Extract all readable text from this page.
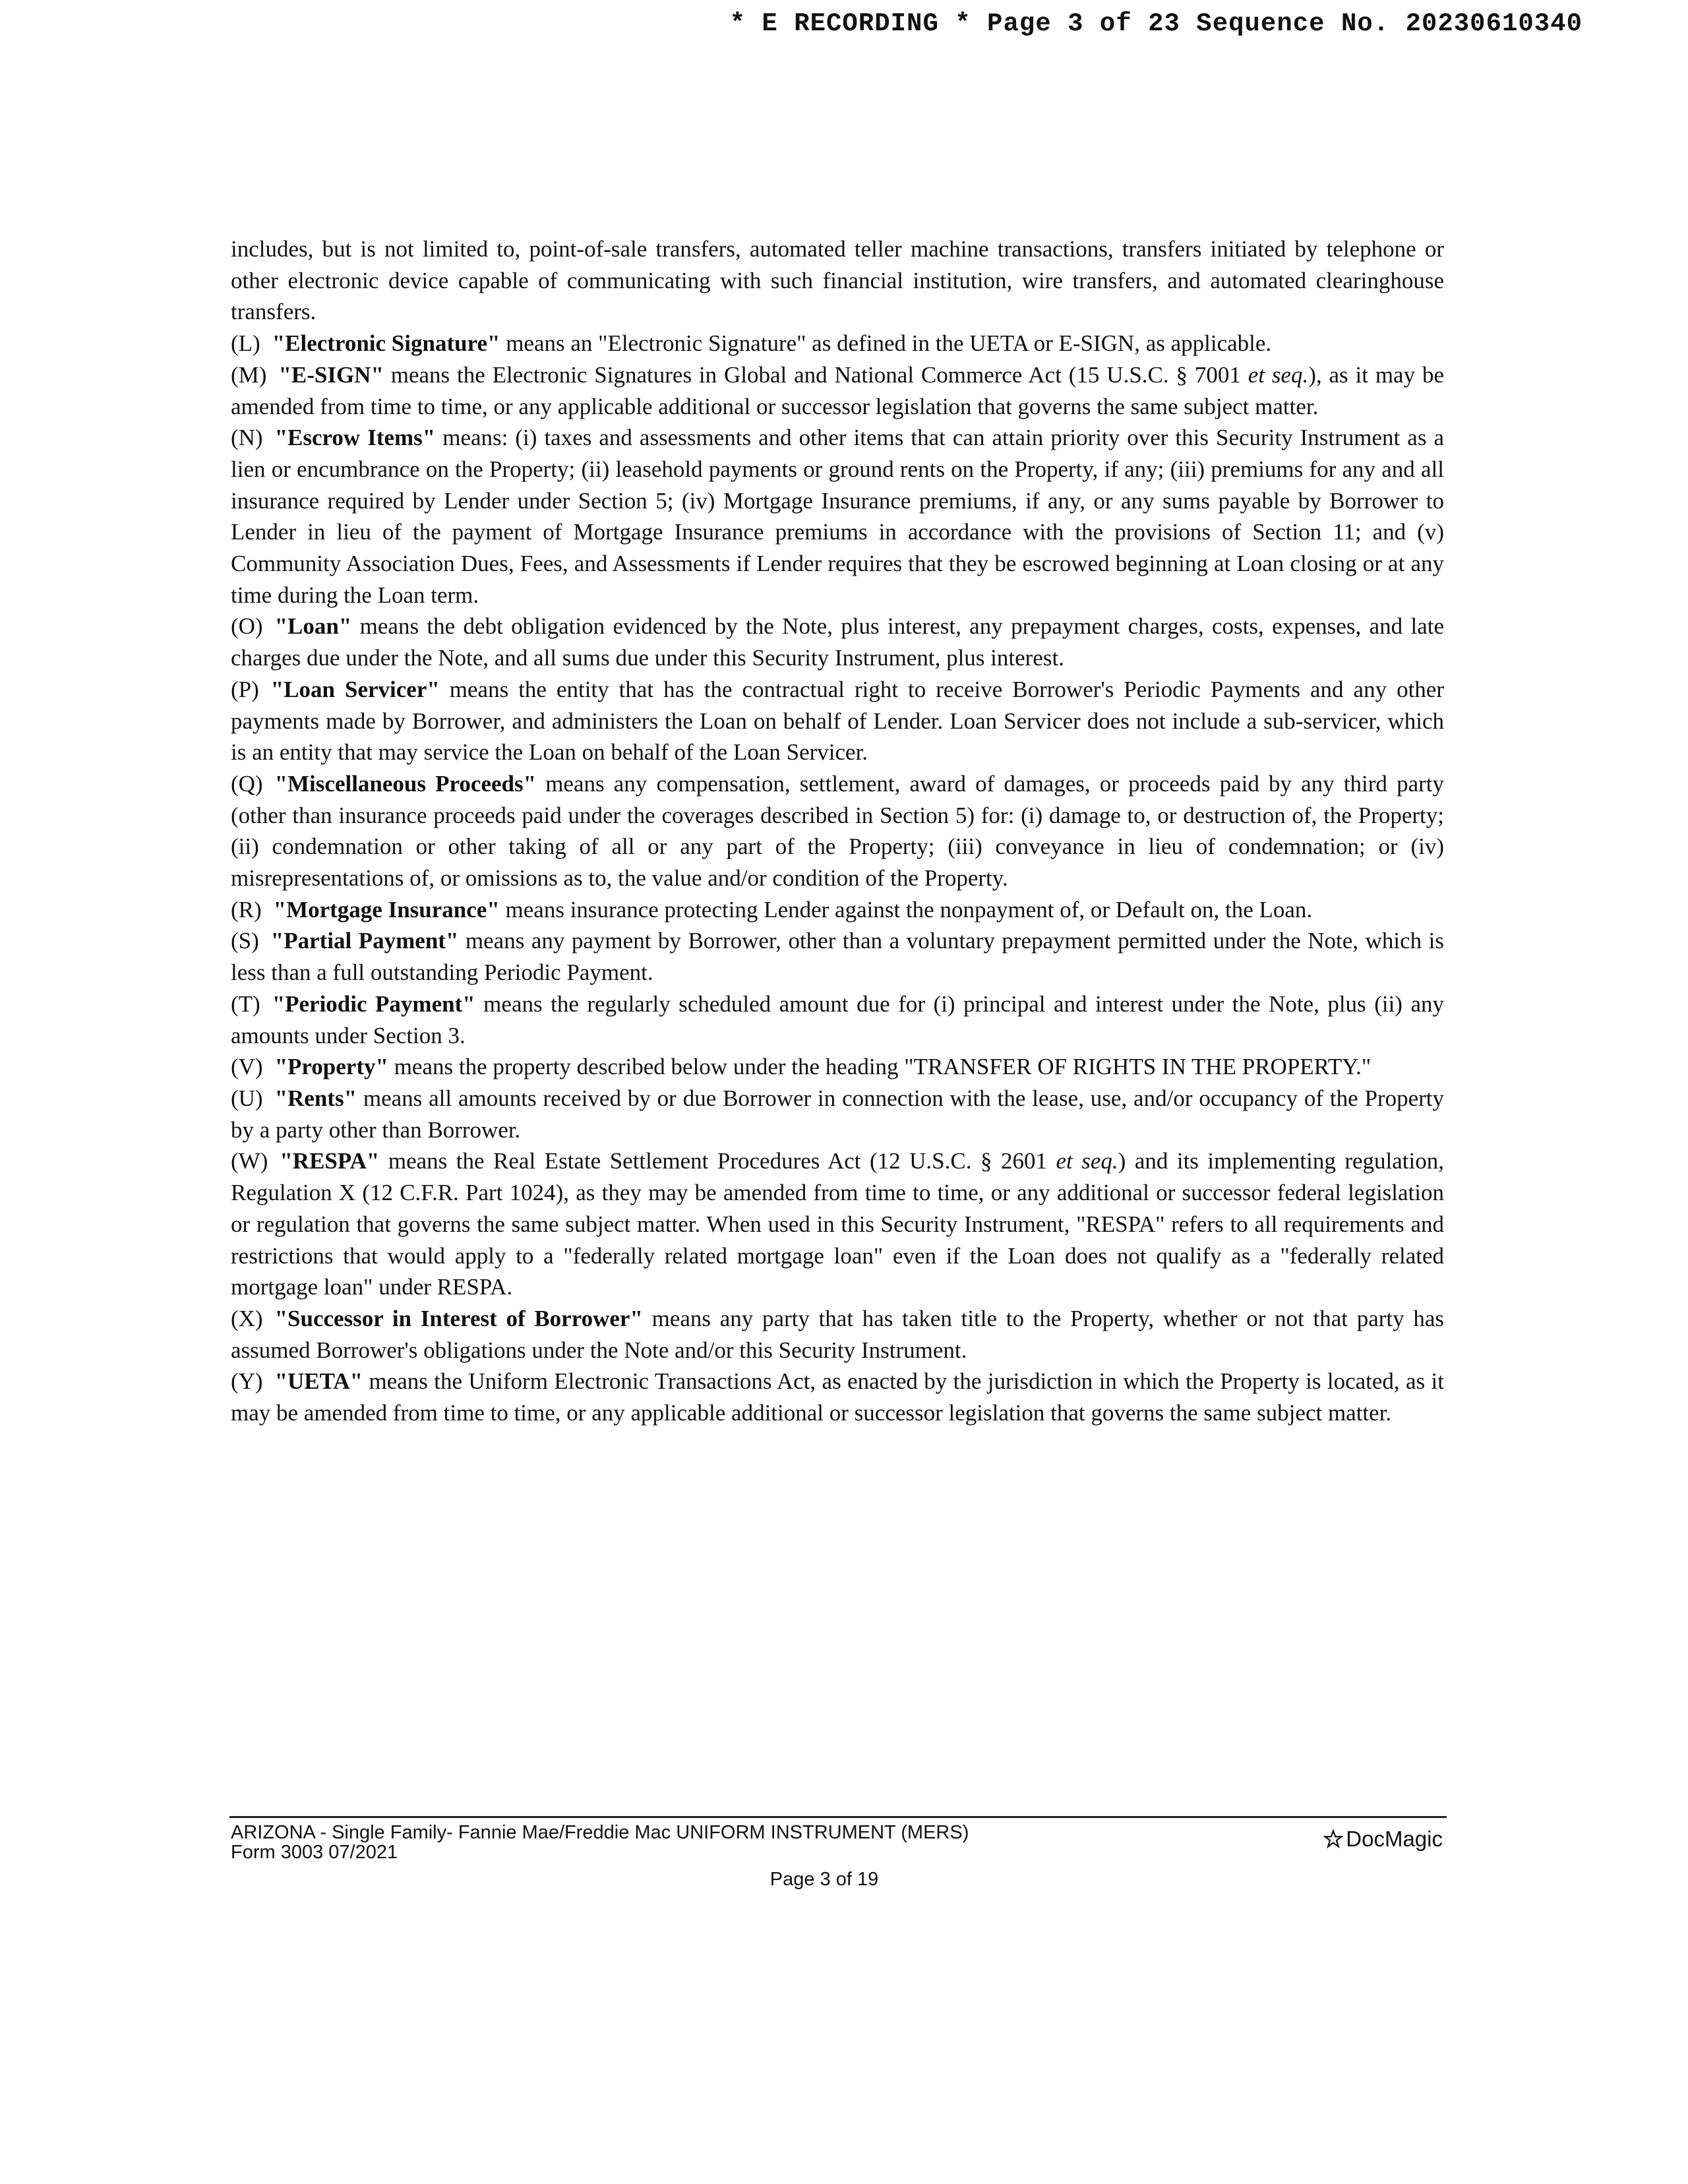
* E RECORDING * Page 3 of 23 Sequence No. 20230610340

includes, but is not limited to, point-of-sale transfers, automated teller machine transactions, transfers initiated by telephone or other electronic device capable of communicating with such financial institution, wire transfers, and automated clearinghouse transfers.

(L) "Electronic Signature" means an "Electronic Signature" as defined in the UETA or E-SIGN, as applicable.

(M) "E-SIGN" means the Electronic Signatures in Global and National Commerce Act (15 U.S.C. § 7001 et seq.), as it may be amended from time to time, or any applicable additional or successor legislation that governs the same subject matter.

(N) "Escrow Items" means: (i) taxes and assessments and other items that can attain priority over this Security Instrument as a lien or encumbrance on the Property; (ii) leasehold payments or ground rents on the Property, if any; (iii) premiums for any and all insurance required by Lender under Section 5; (iv) Mortgage Insurance premiums, if any, or any sums payable by Borrower to Lender in lieu of the payment of Mortgage Insurance premiums in accordance with the provisions of Section 11; and (v) Community Association Dues, Fees, and Assessments if Lender requires that they be escrowed beginning at Loan closing or at any time during the Loan term.

(O) "Loan" means the debt obligation evidenced by the Note, plus interest, any prepayment charges, costs, expenses, and late charges due under the Note, and all sums due under this Security Instrument, plus interest.

(P) "Loan Servicer" means the entity that has the contractual right to receive Borrower's Periodic Payments and any other payments made by Borrower, and administers the Loan on behalf of Lender. Loan Servicer does not include a sub-servicer, which is an entity that may service the Loan on behalf of the Loan Servicer.

(Q) "Miscellaneous Proceeds" means any compensation, settlement, award of damages, or proceeds paid by any third party (other than insurance proceeds paid under the coverages described in Section 5) for: (i) damage to, or destruction of, the Property; (ii) condemnation or other taking of all or any part of the Property; (iii) conveyance in lieu of condemnation; or (iv) misrepresentations of, or omissions as to, the value and/or condition of the Property.

(R) "Mortgage Insurance" means insurance protecting Lender against the nonpayment of, or Default on, the Loan.

(S) "Partial Payment" means any payment by Borrower, other than a voluntary prepayment permitted under the Note, which is less than a full outstanding Periodic Payment.

(T) "Periodic Payment" means the regularly scheduled amount due for (i) principal and interest under the Note, plus (ii) any amounts under Section 3.

(V) "Property" means the property described below under the heading "TRANSFER OF RIGHTS IN THE PROPERTY."

(U) "Rents" means all amounts received by or due Borrower in connection with the lease, use, and/or occupancy of the Property by a party other than Borrower.

(W) "RESPA" means the Real Estate Settlement Procedures Act (12 U.S.C. § 2601 et seq.) and its implementing regulation, Regulation X (12 C.F.R. Part 1024), as they may be amended from time to time, or any additional or successor federal legislation or regulation that governs the same subject matter. When used in this Security Instrument, "RESPA" refers to all requirements and restrictions that would apply to a "federally related mortgage loan" even if the Loan does not qualify as a "federally related mortgage loan" under RESPA.

(X) "Successor in Interest of Borrower" means any party that has taken title to the Property, whether or not that party has assumed Borrower's obligations under the Note and/or this Security Instrument.

(Y) "UETA" means the Uniform Electronic Transactions Act, as enacted by the jurisdiction in which the Property is located, as it may be amended from time to time, or any applicable additional or successor legislation that governs the same subject matter.

ARIZONA - Single Family- Fannie Mae/Freddie Mac UNIFORM INSTRUMENT (MERS)
Form 3003 07/2021
DocMagic
Page 3 of 19
